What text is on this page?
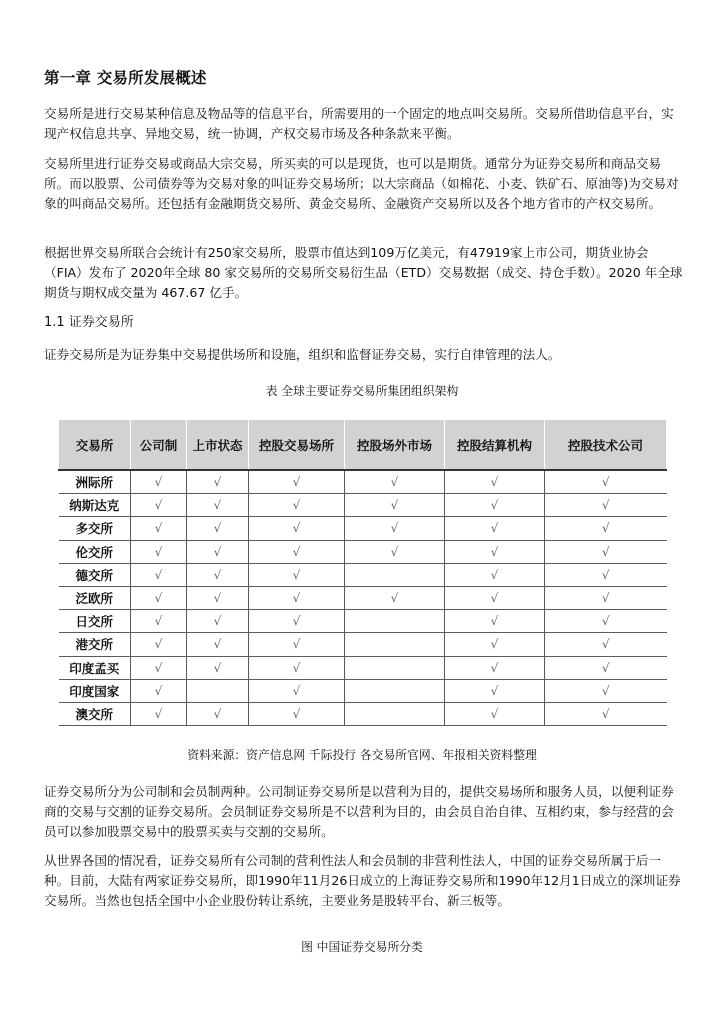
第一章 交易所发展概述

交易所是进行交易某种信息及物品等的信息平台，所需要用的一个固定的地点叫交易所。交易所借助信息平台，实现产权信息共享、异地交易，统一协调，产权交易市场及各种条款来平衡。

交易所里进行证券交易或商品大宗交易，所买卖的可以是现货，也可以是期货。通常分为证券交易所和商品交易所。而以股票、公司债券等为交易对象的叫证券交易场所；以大宗商品（如棉花、小麦、铁矿石、原油等)为交易对象的叫商品交易所。还包括有金融期货交易所、黄金交易所、金融资产交易所以及各个地方省市的产权交易所。

根据世界交易所联合会统计有250家交易所，股票市值达到109万亿美元，有47919家上市公司，期货业协会（FIA）发布了 2020年全球 80 家交易所的交易所交易衍生品（ETD）交易数据（成交、持仓手数）。2020 年全球期货与期权成交量为 467.67 亿手。

1.1 证券交易所

证券交易所是为证券集中交易提供场所和设施，组织和监督证券交易，实行自律管理的法人。

表 全球主要证券交易所集团组织架构
交易所	公司制	上市状态	控股交易场所	控股场外市场	控股结算机构	控股技术公司
洲际所	√	√	√	√	√	√
纳斯达克	√	√	√	√	√	√
多交所	√	√	√	√	√	√
伦交所	√	√	√	√	√	√
德交所	√	√	√		√	√
泛欧所	√	√	√	√	√	√
日交所	√	√	√		√	√
港交所	√	√	√		√	√
印度孟买	√	√	√		√	√
印度国家	√		√		√	√
澳交所	√	√	√		√	√
资料来源：资产信息网 千际投行 各交易所官网、年报相关资料整理

证券交易所分为公司制和会员制两种。公司制证券交易所是以营利为目的，提供交易场所和服务人员，以便利证券商的交易与交割的证券交易所。会员制证券交易所是不以营利为目的，由会员自治自律、互相约束，参与经营的会员可以参加股票交易中的股票买卖与交割的交易所。

从世界各国的情况看，证券交易所有公司制的营利性法人和会员制的非营利性法人，中国的证券交易所属于后一种。目前，大陆有两家证券交易所，即1990年11月26日成立的上海证券交易所和1990年12月1日成立的深圳证券交易所。当然也包括全国中小企业股份转让系统，主要业务是股转平台、新三板等。

图 中国证券交易所分类
